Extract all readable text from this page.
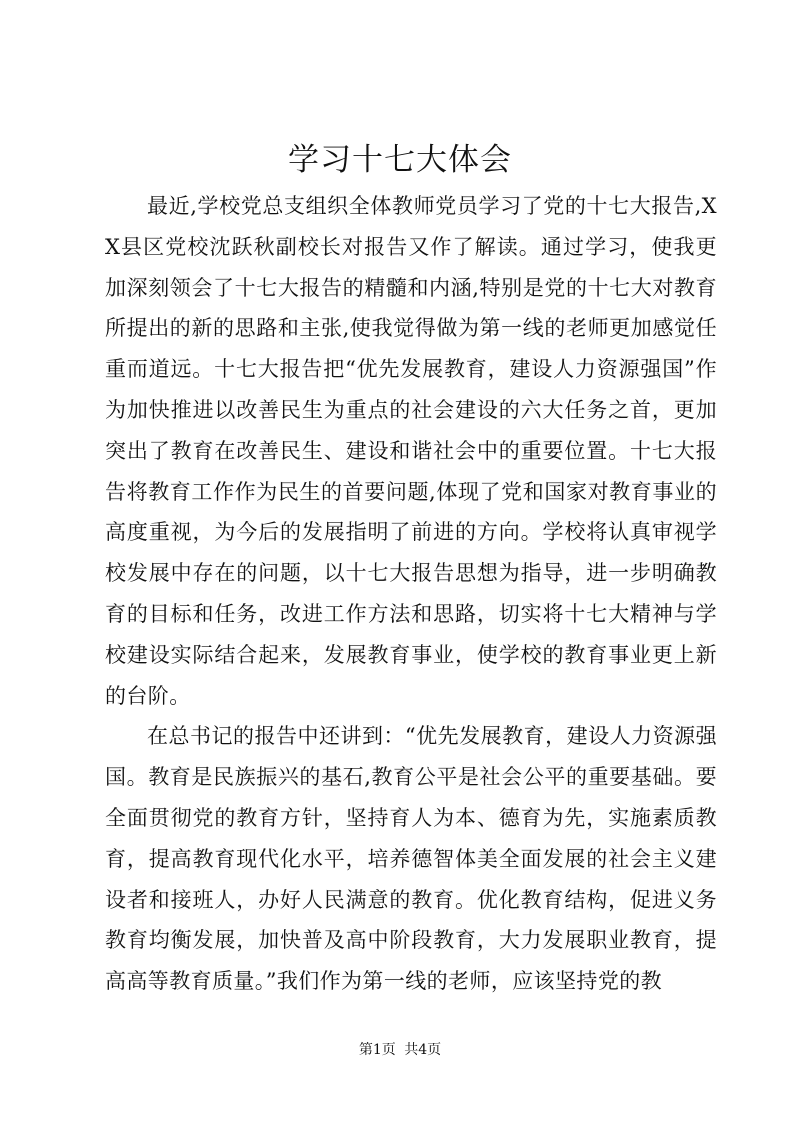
学习十七大体会

最近,学校党总支组织全体教师党员学习了党的十七大报告,XX县区党校沈跃秋副校长对报告又作了解读。通过学习，使我更加深刻领会了十七大报告的精髓和内涵,特别是党的十七大对教育所提出的新的思路和主张,使我觉得做为第一线的老师更加感觉任重而道远。十七大报告把“优先发展教育，建设人力资源强国”作为加快推进以改善民生为重点的社会建设的六大任务之首，更加突出了教育在改善民生、建设和谐社会中的重要位置。十七大报告将教育工作作为民生的首要问题,体现了党和国家对教育事业的高度重视，为今后的发展指明了前进的方向。学校将认真审视学校发展中存在的问题，以十七大报告思想为指导，进一步明确教育的目标和任务，改进工作方法和思路，切实将十七大精神与学校建设实际结合起来，发展教育事业，使学校的教育事业更上新的台阶。

在总书记的报告中还讲到：“优先发展教育，建设人力资源强国。教育是民族振兴的基石,教育公平是社会公平的重要基础。要全面贯彻党的教育方针，坚持育人为本、德育为先，实施素质教育，提高教育现代化水平，培养德智体美全面发展的社会主义建设者和接班人，办好人民满意的教育。优化教育结构，促进义务教育均衡发展，加快普及高中阶段教育，大力发展职业教育，提高高等教育质量。”我们作为第一线的老师，应该坚持党的教

第1页 共4页
